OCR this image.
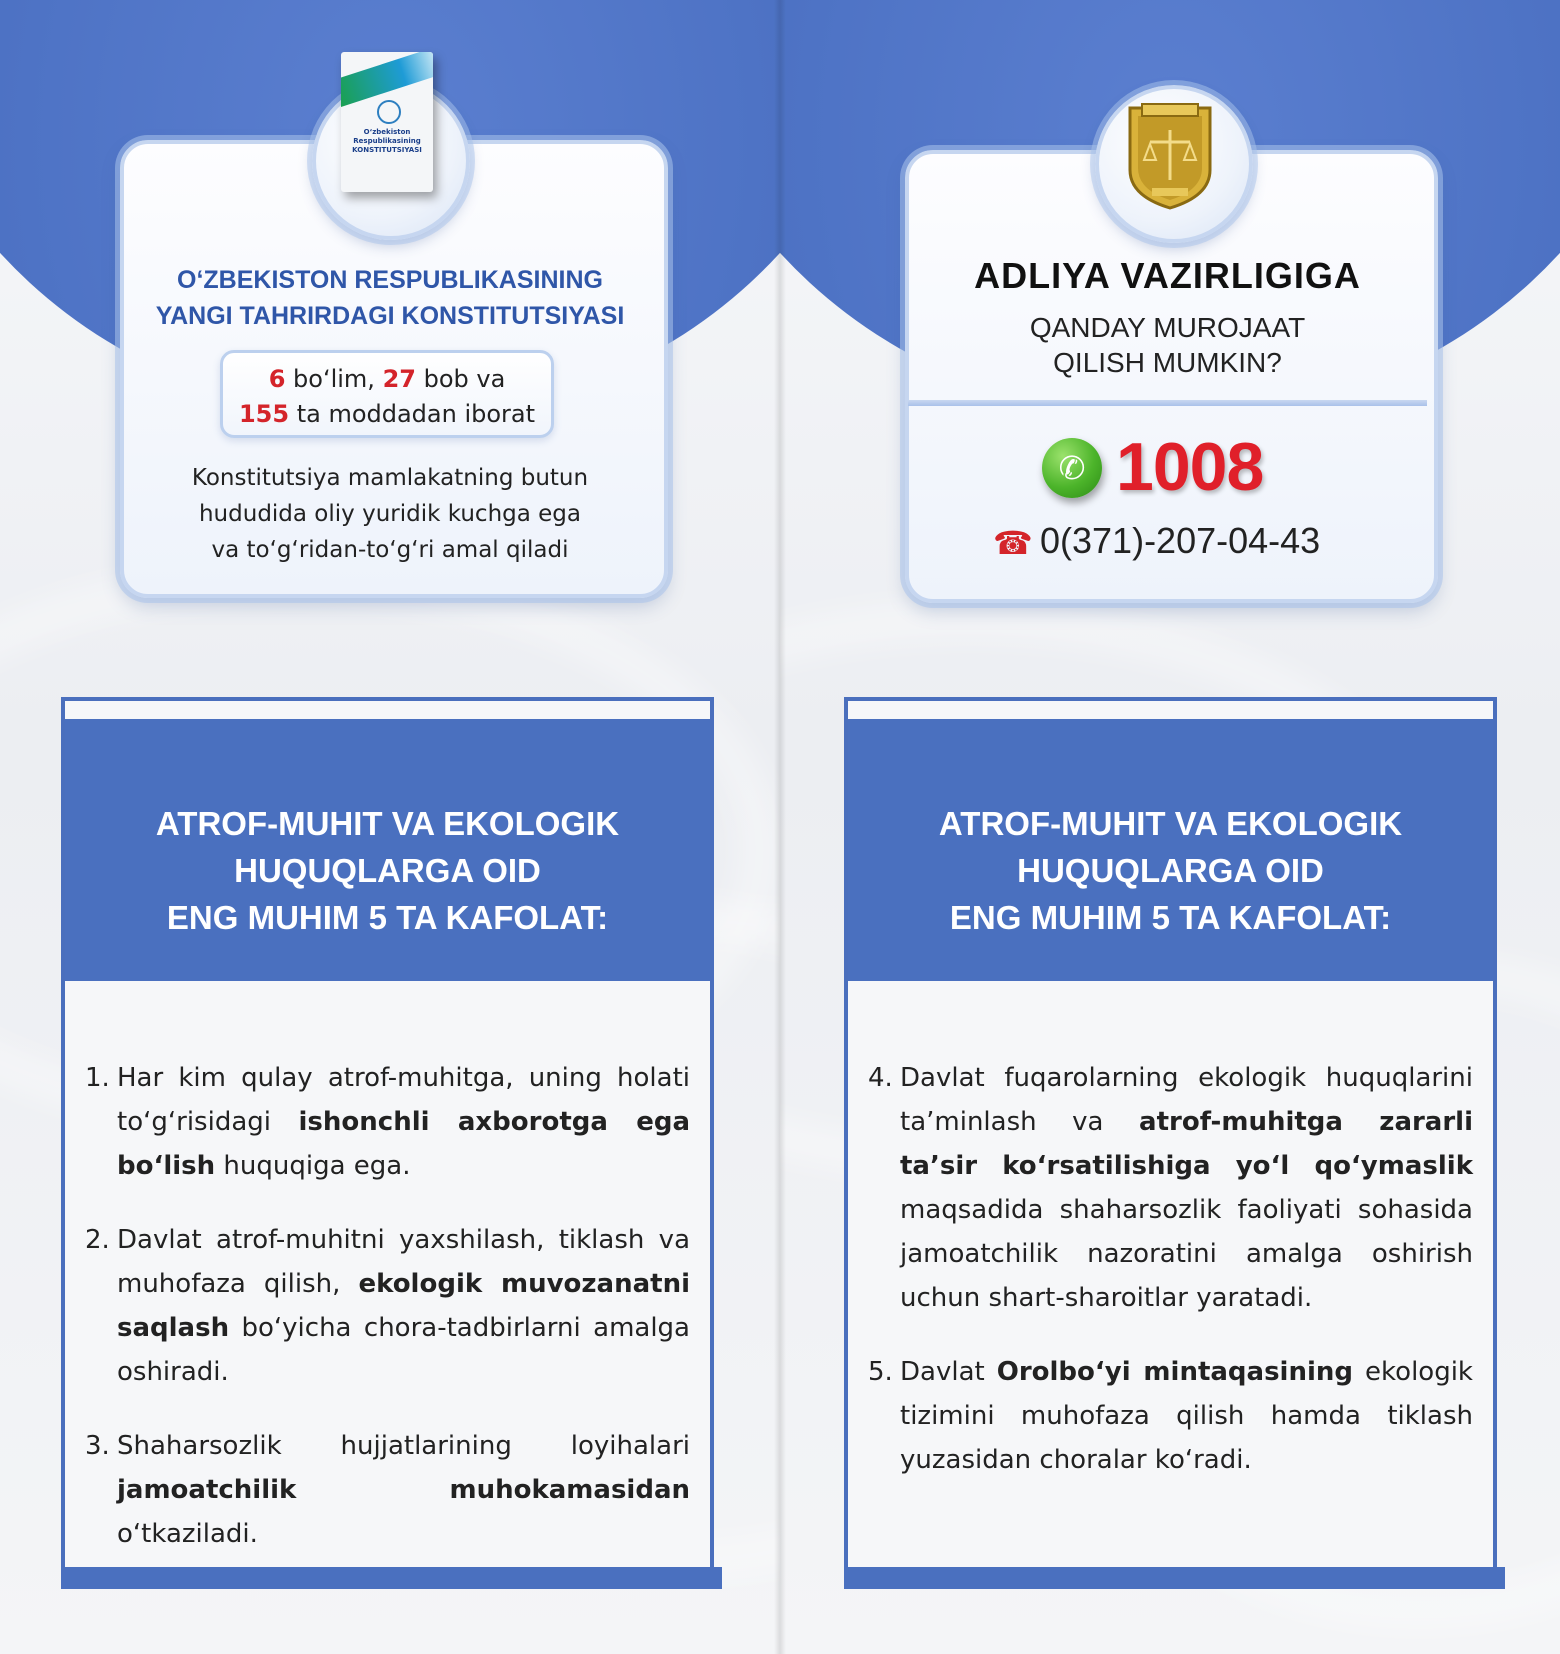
O‘zbekiston Respublikasining KONSTITUTSIYASI
O‘ZBEKISTON RESPUBLIKASINING
YANGI TAHRIRDAGI KONSTITUTSIYASI
6 bo‘lim, 27 bob va
155 ta moddadan iborat
Konstitutsiya mamlakatning butun
hududida oliy yuridik kuchga ega
va to‘g‘ridan-to‘g‘ri amal qiladi
ATROF-MUHIT VA EKOLOGIK
HUQUQLARGA OID
ENG MUHIM 5 TA KAFOLAT:
1. Har kim qulay atrof-muhitga, uning holati to‘g‘risidagi ishonchli axborotga ega bo‘lish huquqiga ega.
2. Davlat atrof-muhitni yaxshilash, tiklash va muhofaza qilish, ekologik muvozanatni saqlash bo‘yicha chora-tadbirlarni amalga oshiradi.
3. Shaharsozlik hujjatlarining loyihalari jamoatchilik muhokamasidan o‘tkaziladi.
ADLIYA VAZIRLIGIGA
QANDAY MUROJAAT
QILISH MUMKIN?
✆ 1008
☎ 0(371)-207-04-43
ATROF-MUHIT VA EKOLOGIK
HUQUQLARGA OID
ENG MUHIM 5 TA KAFOLAT:
4. Davlat fuqarolarning ekologik huquqlarini ta’minlash va atrof-muhitga zararli ta’sir ko‘rsatilishiga yo‘l qo‘ymaslik maqsadida shaharsozlik faoliyati sohasida jamoatchilik nazoratini amalga oshirish uchun shart-sharoitlar yaratadi.
5. Davlat Orolbo‘yi mintaqasining ekologik tizimini muhofaza qilish hamda tiklash yuzasidan choralar ko‘radi.
